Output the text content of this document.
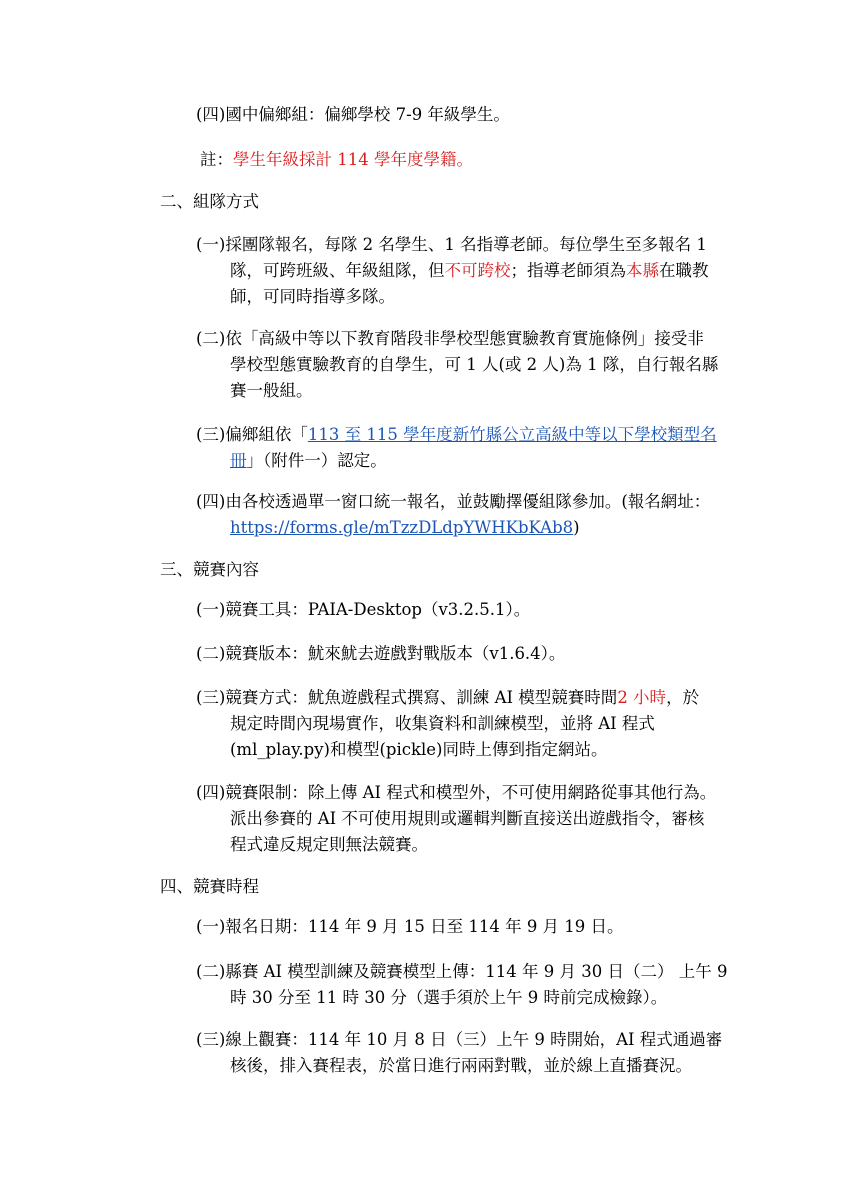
(四)國中偏鄉組：偏鄉學校 7-9 年級學生。
註：學生年級採計 114 學年度學籍。
二、組隊方式
(一)採團隊報名，每隊 2 名學生、1 名指導老師。每位學生至多報名 1
隊，可跨班級、年級組隊，但不可跨校；指導老師須為本縣在職教
師，可同時指導多隊。
(二)依「高級中等以下教育階段非學校型態實驗教育實施條例」接受非
學校型態實驗教育的自學生，可 1 人(或 2 人)為 1 隊，自行報名縣
賽一般組。
(三)偏鄉組依「113 至 115 學年度新竹縣公立高級中等以下學校類型名
冊」（附件一）認定。
(四)由各校透過單一窗口統一報名，並鼓勵擇優組隊參加。(報名網址：
https://forms.gle/mTzzDLdpYWHKbKAb8)
三、競賽內容
(一)競賽工具：PAIA-Desktop（v3.2.5.1）。
(二)競賽版本：魷來魷去遊戲對戰版本（v1.6.4）。
(三)競賽方式：魷魚遊戲程式撰寫、訓練 AI 模型競賽時間2 小時，於
規定時間內現場實作，收集資料和訓練模型，並將 AI 程式
(ml_play.py)和模型(pickle)同時上傳到指定網站。
(四)競賽限制：除上傳 AI 程式和模型外，不可使用網路從事其他行為。
派出參賽的 AI 不可使用規則或邏輯判斷直接送出遊戲指令，審核
程式違反規定則無法競賽。
四、競賽時程
(一)報名日期：114 年 9 月 15 日至 114 年 9 月 19 日。
(二)縣賽 AI 模型訓練及競賽模型上傳：114 年 9 月 30 日（二） 上午 9
時 30 分至 11 時 30 分（選手須於上午 9 時前完成檢錄）。
(三)線上觀賽：114 年 10 月 8 日（三）上午 9 時開始，AI 程式通過審
核後，排入賽程表，於當日進行兩兩對戰，並於線上直播賽況。
